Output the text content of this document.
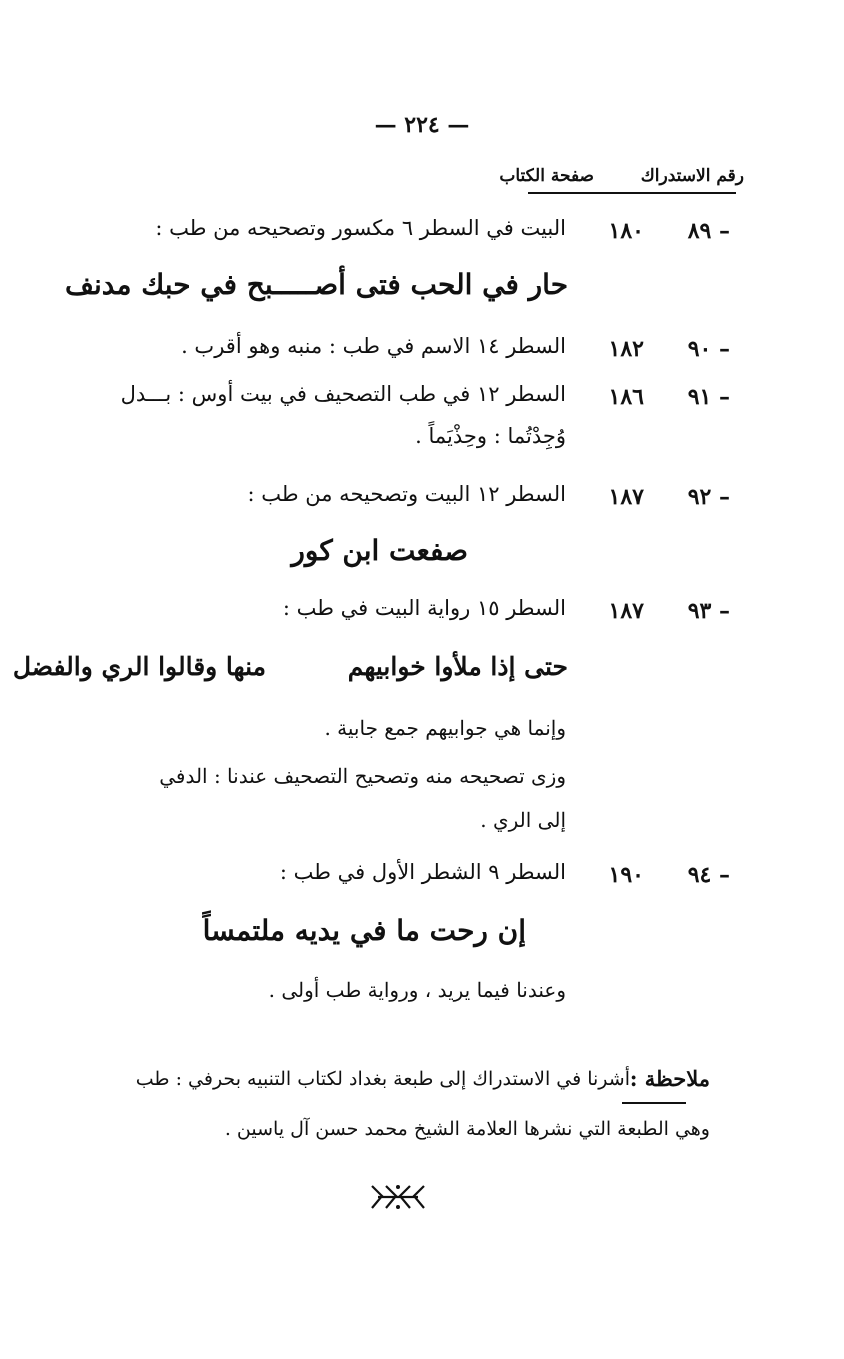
— ٢٢٤ —
رقم الاستدراك
صفحة الكتاب
٨٩ –
١٨٠
البيت في السطر ٦ مكسور وتصحيحه من طب :
حار في الحب فتى أصـــــبح في حبك مدنف
٩٠ –
١٨٢
السطر ١٤ الاسم في طب : منبه وهو أقرب .
٩١ –
١٨٦
السطر ١٢ في طب التصحيف في بيت أوس : بـــدل
وُجِدْتُما : وحِذْيَماً .
٩٢ –
١٨٧
السطر ١٢ البيت وتصحيحه من طب :
صفعت ابن كور
٩٣ –
١٨٧
السطر ١٥ رواية البيت في طب :
حتى إذا ملأوا خوابيهم
منها وقالوا الري والفضل
وإنما هي جوابيهم جمع جابية .
وزى تصحيحه منه وتصحيح التصحيف عندنا : الدفي
إلى الري .
٩٤ –
١٩٠
السطر ٩ الشطر الأول في طب :
إن رحت ما في يديه ملتمساً
وعندنا فيما يريد ، ورواية طب أولى .
ملاحظة :
أشرنا في الاستدراك إلى طبعة بغداد لكتاب التنبيه بحرفي : طب
وهي الطبعة التي نشرها العلامة الشيخ محمد حسن آل ياسين .
